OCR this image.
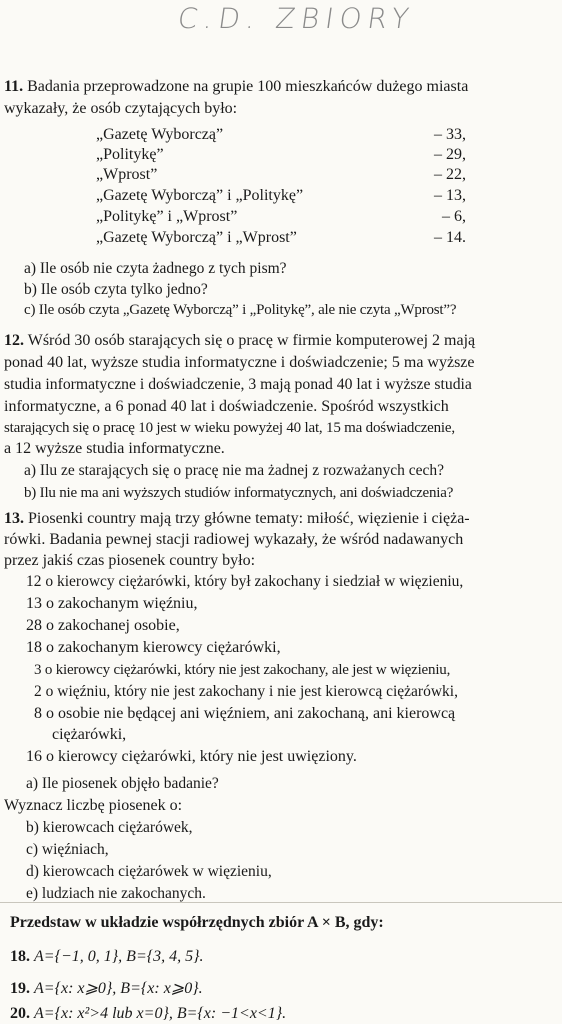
C.D. ZBIORY
11. Badania przeprowadzone na grupie 100 mieszkańców dużego miasta
wykazały, że osób czytających było:
„Gazetę Wyborczą”	– 33,
„Politykę”	– 29,
„Wprost”	– 22,
„Gazetę Wyborczą” i „Politykę”	– 13,
„Politykę” i „Wprost”	– 6,
„Gazetę Wyborczą” i „Wprost”	– 14.
a) Ile osób nie czyta żadnego z tych pism?
b) Ile osób czyta tylko jedno?
c) Ile osób czyta „Gazetę Wyborczą” i „Politykę”, ale nie czyta „Wprost”?
12. Wśród 30 osób starających się o pracę w firmie komputerowej 2 mają
ponad 40 lat, wyższe studia informatyczne i doświadczenie; 5 ma wyższe
studia informatyczne i doświadczenie, 3 mają ponad 40 lat i wyższe studia
informatyczne, a 6 ponad 40 lat i doświadczenie. Spośród wszystkich
starających się o pracę 10 jest w wieku powyżej 40 lat, 15 ma doświadczenie,
a 12 wyższe studia informatyczne.
a) Ilu ze starających się o pracę nie ma żadnej z rozważanych cech?
b) Ilu nie ma ani wyższych studiów informatycznych, ani doświadczenia?
13. Piosenki country mają trzy główne tematy: miłość, więzienie i cięża-
rówki. Badania pewnej stacji radiowej wykazały, że wśród nadawanych
przez jakiś czas piosenek country było:
12 o kierowcy ciężarówki, który był zakochany i siedział w więzieniu,
13 o zakochanym więźniu,
28 o zakochanej osobie,
18 o zakochanym kierowcy ciężarówki,
3 o kierowcy ciężarówki, który nie jest zakochany, ale jest w więzieniu,
2 o więźniu, który nie jest zakochany i nie jest kierowcą ciężarówki,
8 o osobie nie będącej ani więźniem, ani zakochaną, ani kierowcą
ciężarówki,
16 o kierowcy ciężarówki, który nie jest uwięziony.
a) Ile piosenek objęło badanie?
Wyznacz liczbę piosenek o:
b) kierowcach ciężarówek,
c) więźniach,
d) kierowcach ciężarówek w więzieniu,
e) ludziach nie zakochanych.
Przedstaw w układzie współrzędnych zbiór A × B, gdy:
18. A={−1, 0, 1}, B={3, 4, 5}.
19. A={x: x⩾0}, B={x: x⩾0}.
20. A={x: x²>4 lub x=0}, B={x: −1<x<1}.
